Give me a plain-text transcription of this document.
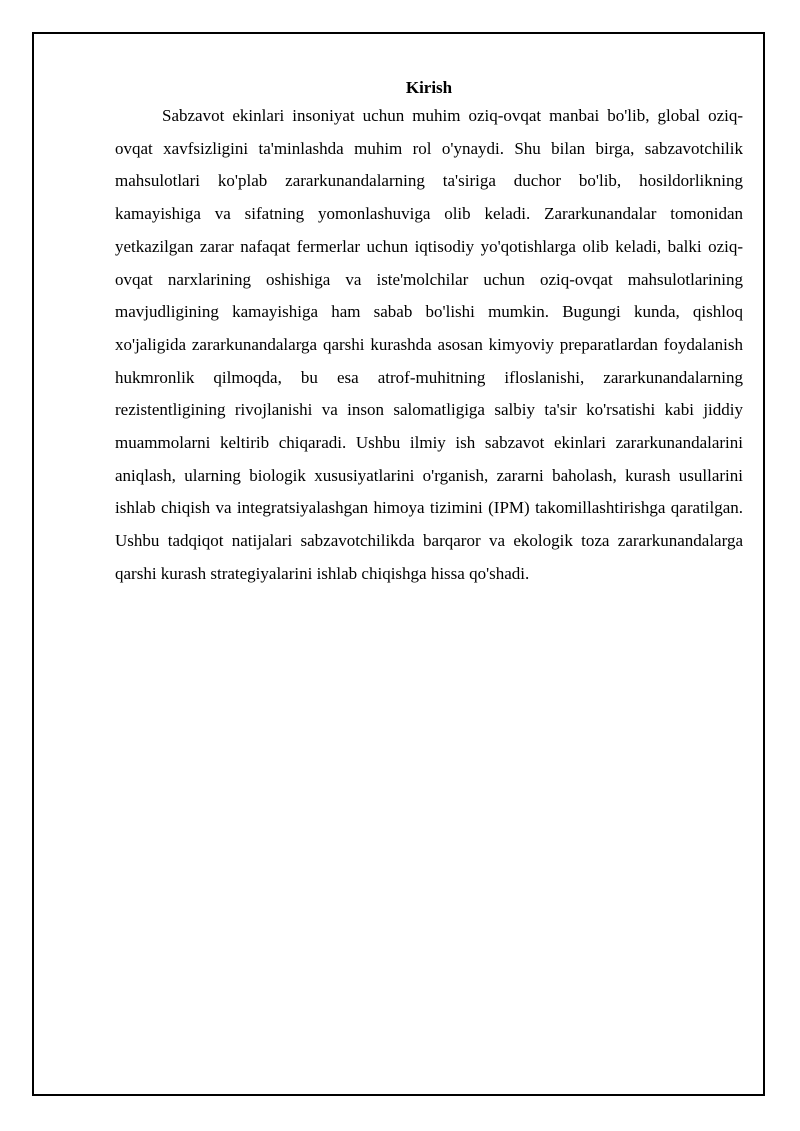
Kirish

Sabzavot ekinlari insoniyat uchun muhim oziq-ovqat manbai bo'lib, global oziq-ovqat xavfsizligini ta'minlashda muhim rol o'ynaydi. Shu bilan birga, sabzavotchilik mahsulotlari ko'plab zararkunandalarning ta'siriga duchor bo'lib, hosildorlikning kamayishiga va sifatning yomonlashuviga olib keladi. Zararkunandalar tomonidan yetkazilgan zarar nafaqat fermerlar uchun iqtisodiy yo'qotishlarga olib keladi, balki oziq-ovqat narxlarining oshishiga va iste'molchilar uchun oziq-ovqat mahsulotlarining mavjudligining kamayishiga ham sabab bo'lishi mumkin. Bugungi kunda, qishloq xo'jaligida zararkunandalarga qarshi kurashda asosan kimyoviy preparatlardan foydalanish hukmronlik qilmoqda, bu esa atrof-muhitning ifloslanishi, zararkunandalarning rezistentligining rivojlanishi va inson salomatligiga salbiy ta'sir ko'rsatishi kabi jiddiy muammolarni keltirib chiqaradi. Ushbu ilmiy ish sabzavot ekinlari zararkunandalarini aniqlash, ularning biologik xususiyatlarini o'rganish, zararni baholash, kurash usullarini ishlab chiqish va integratsiyalashgan himoya tizimini (IPM) takomillashtirishga qaratilgan. Ushbu tadqiqot natijalari sabzavotchilikda barqaror va ekologik toza zararkunandalarga qarshi kurash strategiyalarini ishlab chiqishga hissa qo'shadi.
